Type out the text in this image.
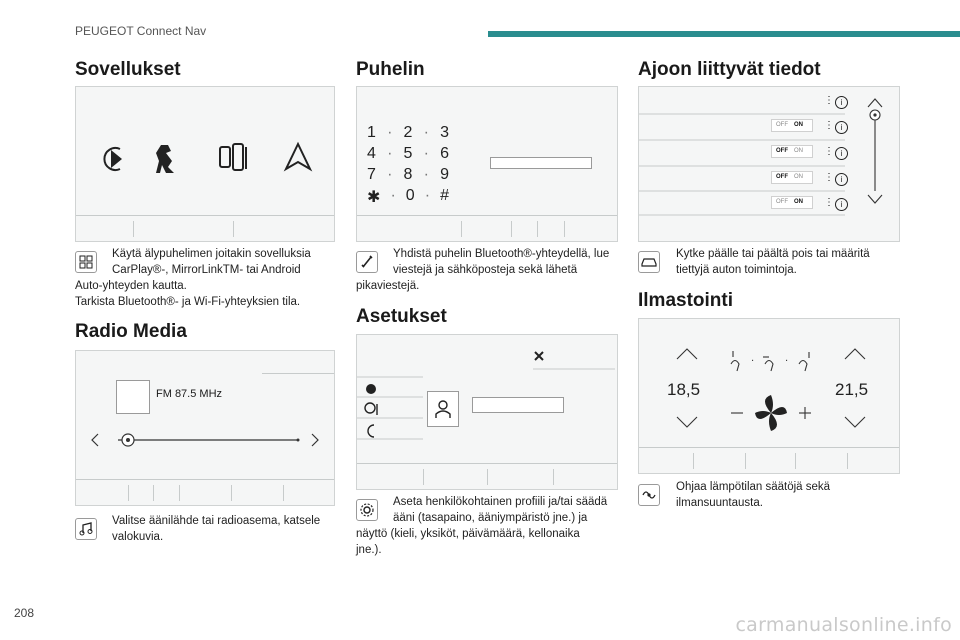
PEUGEOT Connect Nav
Sovellukset
Käytä älypuhelimen joitakin sovelluksia
CarPlay®-, MirrorLinkTM- tai Android
Auto-yhteyden kautta.
Tarkista Bluetooth®- ja Wi-Fi-yhteyksien tila.
Radio Media
FM 87.5 MHz
Valitse äänilähde tai radioasema, katsele
valokuvia.
Puhelin
1 · 2 · 3
4 · 5 · 6
7 · 8 · 9
✱ · 0 · #
Yhdistä puhelin Bluetooth®-yhteydellä, lue
viestejä ja sähköposteja sekä lähetä
pikaviestejä.
Asetukset
Aseta henkilökohtainen profiili ja/tai säädä
ääni (tasapaino, ääniympäristö jne.) ja
näyttö (kieli, yksiköt, päivämäärä, kellonaika
jne.).
Ajoon liittyvät tiedot
⋮ i
OFF ON ⋮ i
OFF ON ⋮ i
OFF ON ⋮ i
OFF ON ⋮ i
Kytke päälle tai päältä pois tai määritä
tiettyjä auton toimintoja.
Ilmastointi
·	·
18,5	21,5
Ohjaa lämpötilan säätöjä sekä
ilmansuuntausta.
208
carmanualsonline.info
